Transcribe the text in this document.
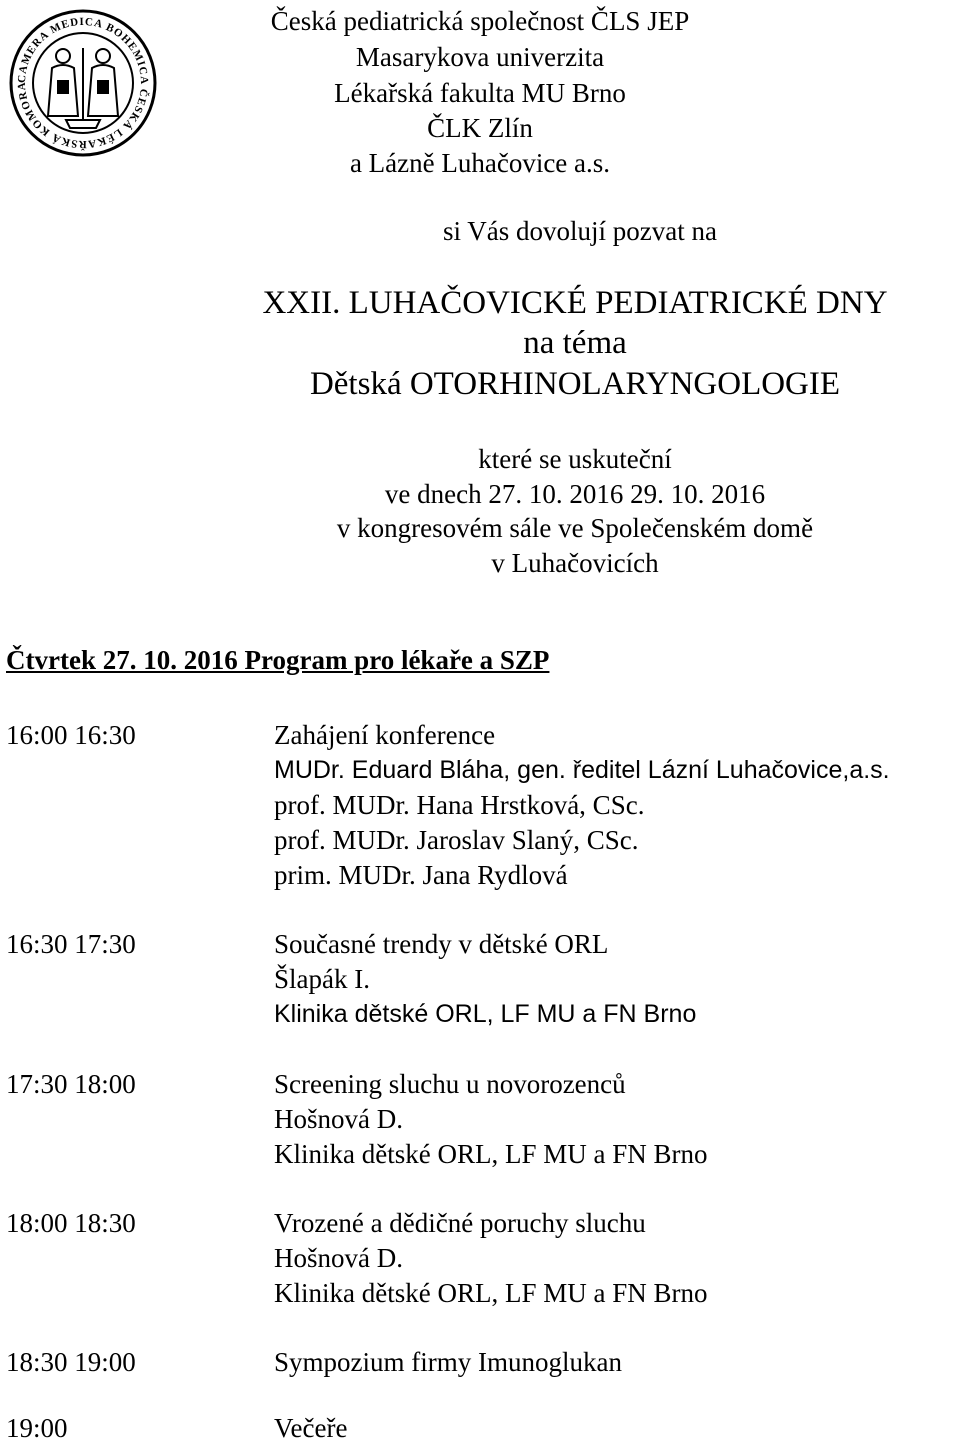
CAMERA MEDICA BOHEMICA ČESKÁ LÉKAŘSKÁ KOMORA
Česká pediatrická společnost ČLS JEP
Masarykova univerzita
Lékařská fakulta MU Brno
ČLK Zlín
a Lázně Luhačovice a.s.
si Vás dovolují pozvat na
XXII. LUHAČOVICKÉ PEDIATRICKÉ DNY
na téma
Dětská OTORHINOLARYNGOLOGIE
které se uskuteční
ve dnech 27. 10. 2016 29. 10. 2016
v kongresovém sále ve Společenském domě
v Luhačovicích
Čtvrtek 27. 10. 2016 Program pro lékaře a SZP
16:00 16:30	Zahájení konference
MUDr. Eduard Bláha, gen. ředitel Lázní Luhačovice,a.s.
prof. MUDr. Hana Hrstková, CSc.
prof. MUDr. Jaroslav Slaný, CSc.
prim. MUDr. Jana Rydlová
16:30 17:30	Současné trendy v dětské ORL
Šlapák I.
Klinika dětské ORL, LF MU a FN Brno
17:30 18:00	Screening sluchu u novorozenců
Hošnová D.
Klinika dětské ORL, LF MU a FN Brno
18:00 18:30	Vrozené a dědičné poruchy sluchu
Hošnová D.
Klinika dětské ORL, LF MU a FN Brno
18:30 19:00	Sympozium firmy Imunoglukan
19:00	Večeře
